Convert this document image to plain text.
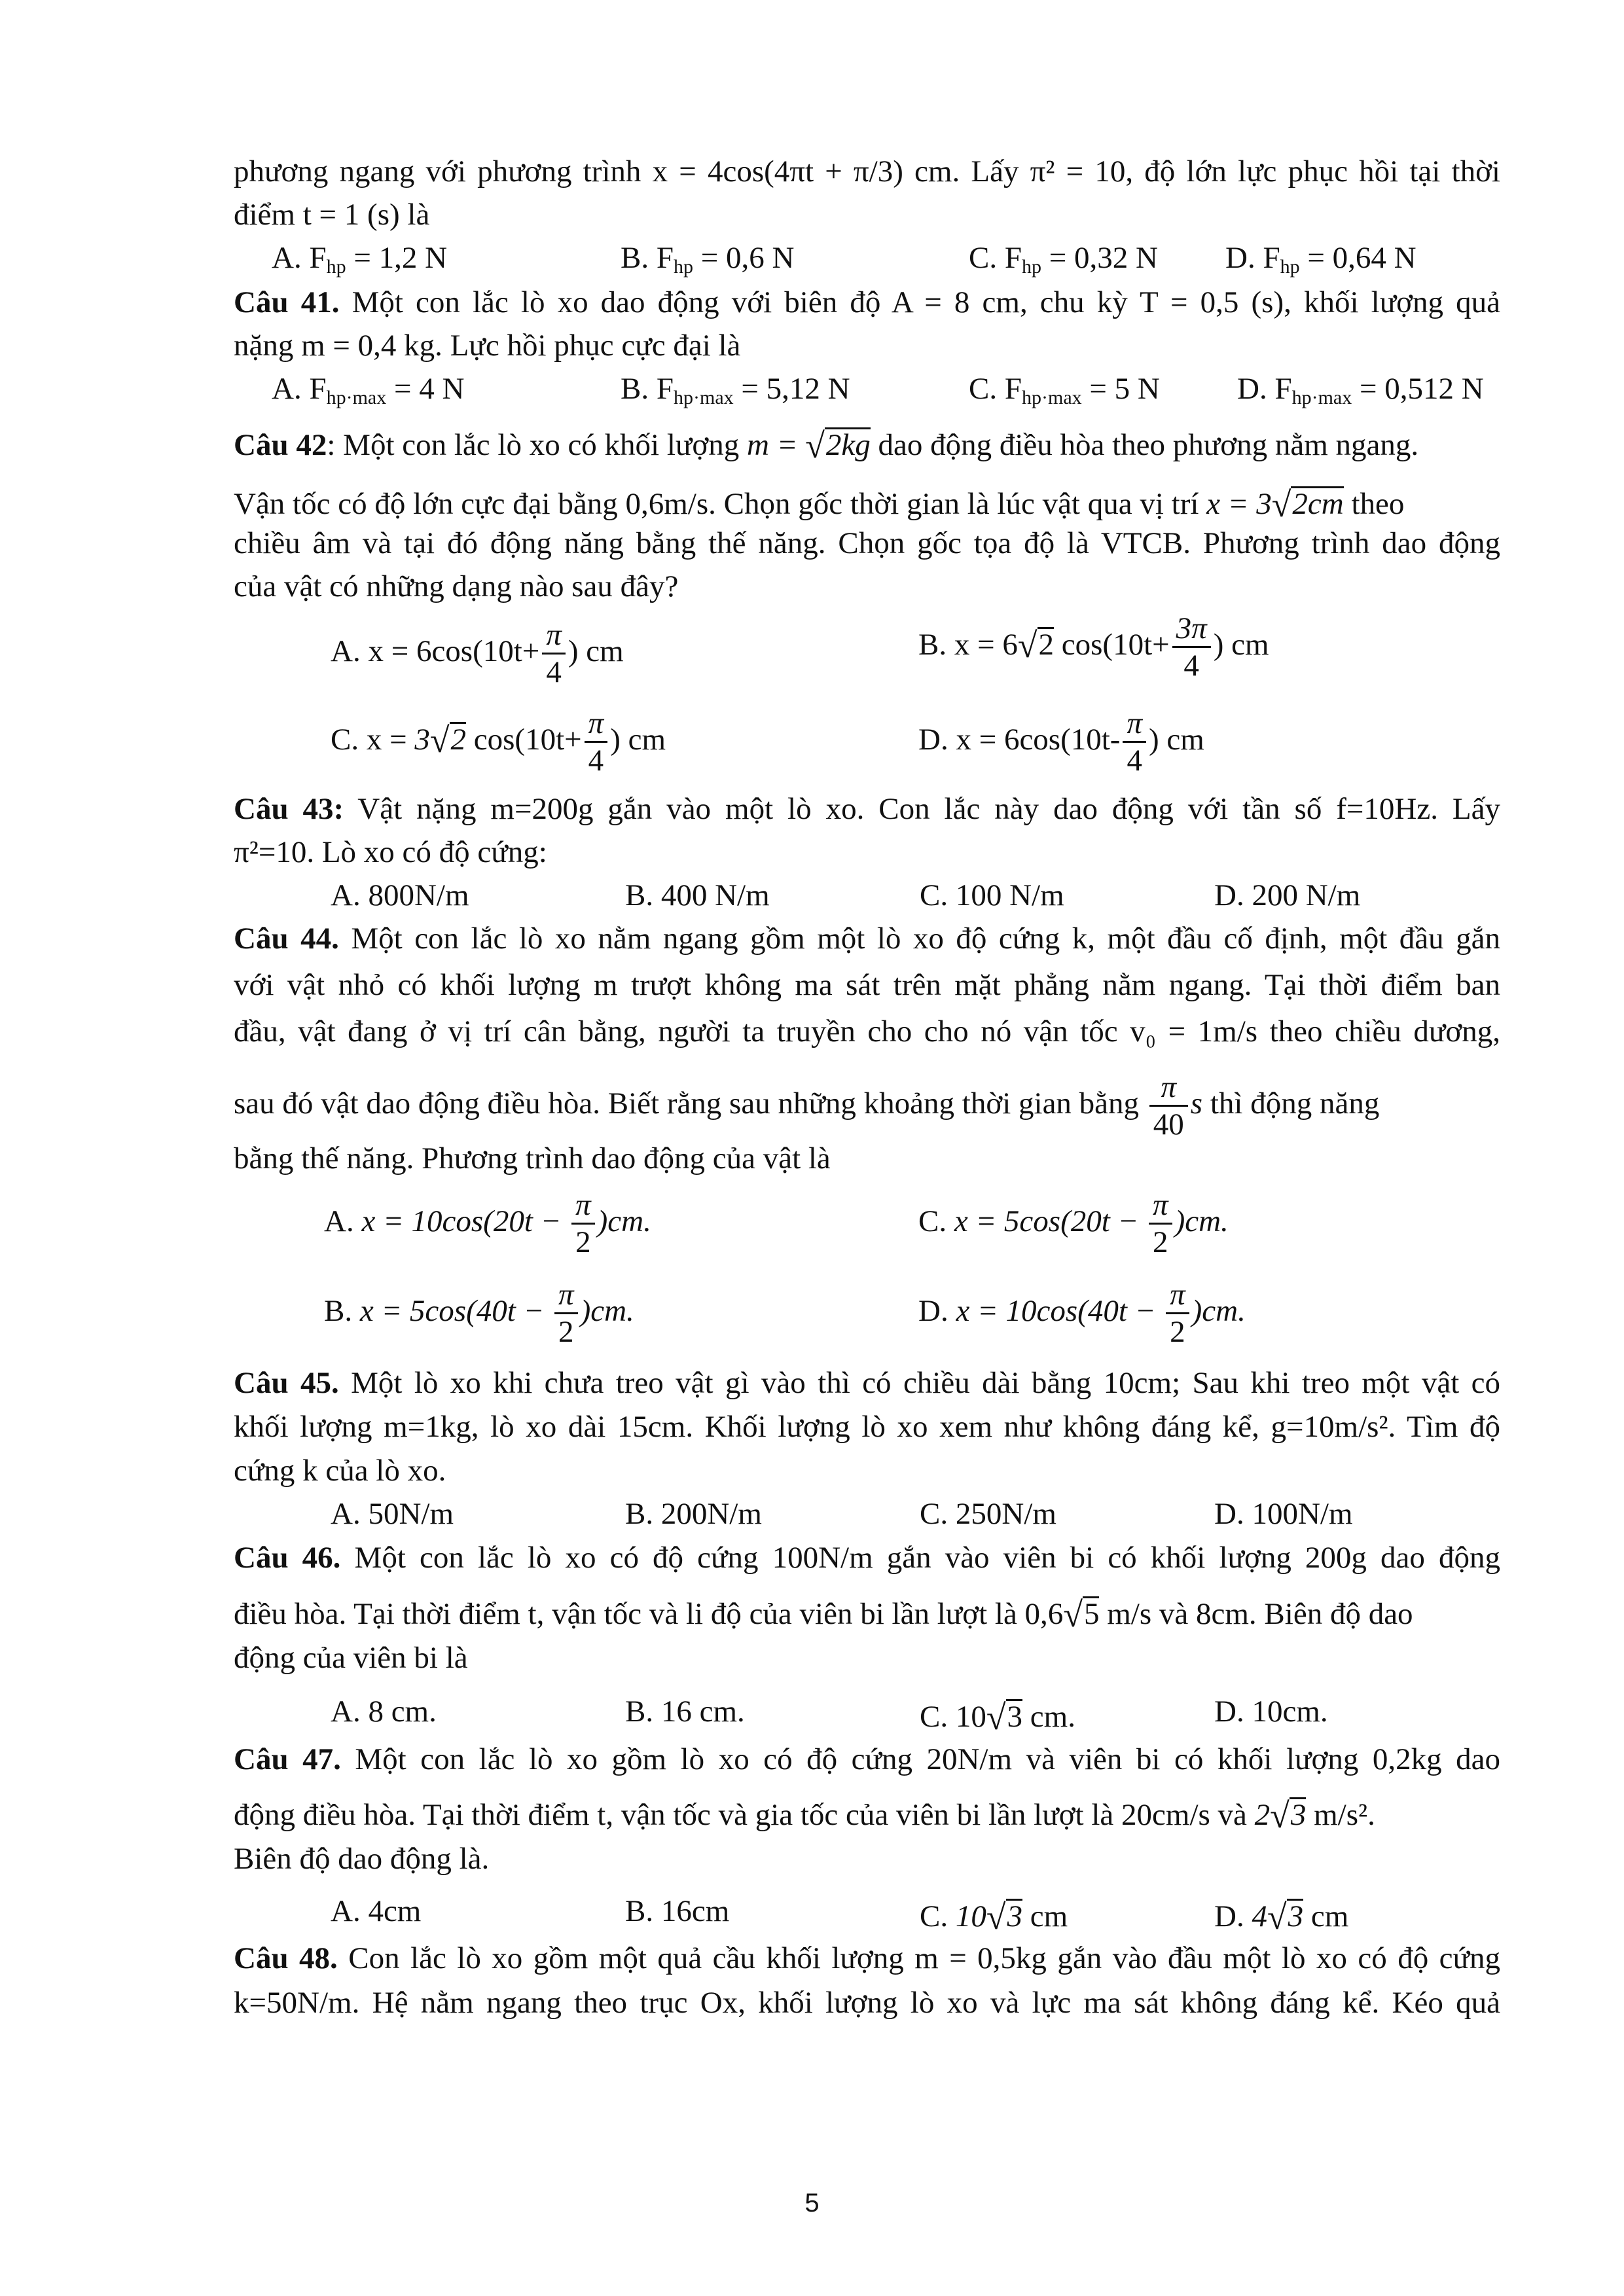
phương ngang với phương trình x = 4cos(4πt + π/3) cm. Lấy π² = 10, độ lớn lực phục hồi tại thời
điểm t = 1 (s) là
A. $F_{hp} = 1,2$ N	B. $F_{hp} = 0,6$ N	C. $F_{hp} = 0,32$ N D. $F_{hp} = 0,64$ N
Câu 41. Một con lắc lò xo dao động với biên độ A = 8 cm, chu kỳ T = 0,5 (s), khối lượng quả
nặng m = 0,4 kg. Lực hồi phục cực đại là
A. $F_{hp\cdot max} = 4$ N	B. $F_{hp\cdot max} = 5,12$ N	C. $F_{hp\cdot max} = 5$ N	D. $F_{hp\cdot max} = 0,512$ N
Câu 42: Một con lắc lò xo có khối lượng m = √2kg dao động điều hòa theo phương nằm ngang.
Vận tốc có độ lớn cực đại bằng 0,6m/s. Chọn gốc thời gian là lúc vật qua vị trí x = 3√2cm theo
chiều âm và tại đó động năng bằng thế năng. Chọn gốc tọa độ là VTCB. Phương trình dao động
của vật có những dạng nào sau đây?
A. $x = 6\cos(10t+ \frac{\pi}{4}$ ) cm	B. x = 6√2 $\cos(10t+ \frac{3\pi}{4}$ ) cm
C. x = 3√2 $\cos(10t+ \frac{\pi}{4}$ ) cm	D. $x = 6\cos(10t- \frac{\pi}{4}$ ) cm
Câu 43: Vật nặng m=200g gắn vào một lò xo. Con lắc này dao động với tần số f=10Hz. Lấy
π²=10. Lò xo có độ cứng:
A. 800N/m	B. 400 N/m	C. 100 N/m	D. 200 N/m
Câu 44. Một con lắc lò xo nằm ngang gồm một lò xo độ cứng k, một đầu cố định, một đầu gắn
với vật nhỏ có khối lượng m trượt không ma sát trên mặt phẳng nằm ngang. Tại thời điểm ban
đầu, vật đang ở vị trí cân bằng, người ta truyền cho cho nó vận tốc v₀ = 1m/s theo chiều dương,
sau đó vật dao động điều hòa. Biết rằng sau những khoảng thời gian bằng $\frac{\pi}{40}$ s thì động năng
bằng thế năng. Phương trình dao động của vật là
A. $x = 10\cos(20t - \frac{\pi}{2} )cm$.	C. $x = 5\cos(20t - \frac{\pi}{2} )cm$.
B. $x = 5\cos(40t - \frac{\pi}{2} )cm$.	D. $x = 10\cos(40t - \frac{\pi}{2} )cm$.
Câu 45. Một lò xo khi chưa treo vật gì vào thì có chiều dài bằng 10cm; Sau khi treo một vật có
khối lượng m=1kg, lò xo dài 15cm. Khối lượng lò xo xem như không đáng kể, g=10m/s². Tìm độ
cứng k của lò xo.
A. 50N/m	B. 200N/m	C. 250N/m	D. 100N/m
Câu 46. Một con lắc lò xo có độ cứng 100N/m gắn vào viên bi có khối lượng 200g dao động
điều hòa. Tại thời điểm t, vận tốc và li độ của viên bi lần lượt là 0,6√5 m/s và 8cm. Biên độ dao
động của viên bi là
A. 8 cm.	B. 16 cm.	C. 10√3 cm.	D. 10cm.
Câu 47. Một con lắc lò xo gồm lò xo có độ cứng 20N/m và viên bi có khối lượng 0,2kg dao
động điều hòa. Tại thời điểm t, vận tốc và gia tốc của viên bi lần lượt là 20cm/s và 2√3 m/s².
Biên độ dao động là.
A. 4cm	B. 16cm	C. 10√3 cm	D. 4√3 cm
Câu 48. Con lắc lò xo gồm một quả cầu khối lượng m = 0,5kg gắn vào đầu một lò xo có độ cứng
k=50N/m. Hệ nằm ngang theo trục Ox, khối lượng lò xo và lực ma sát không đáng kể. Kéo quả
5
